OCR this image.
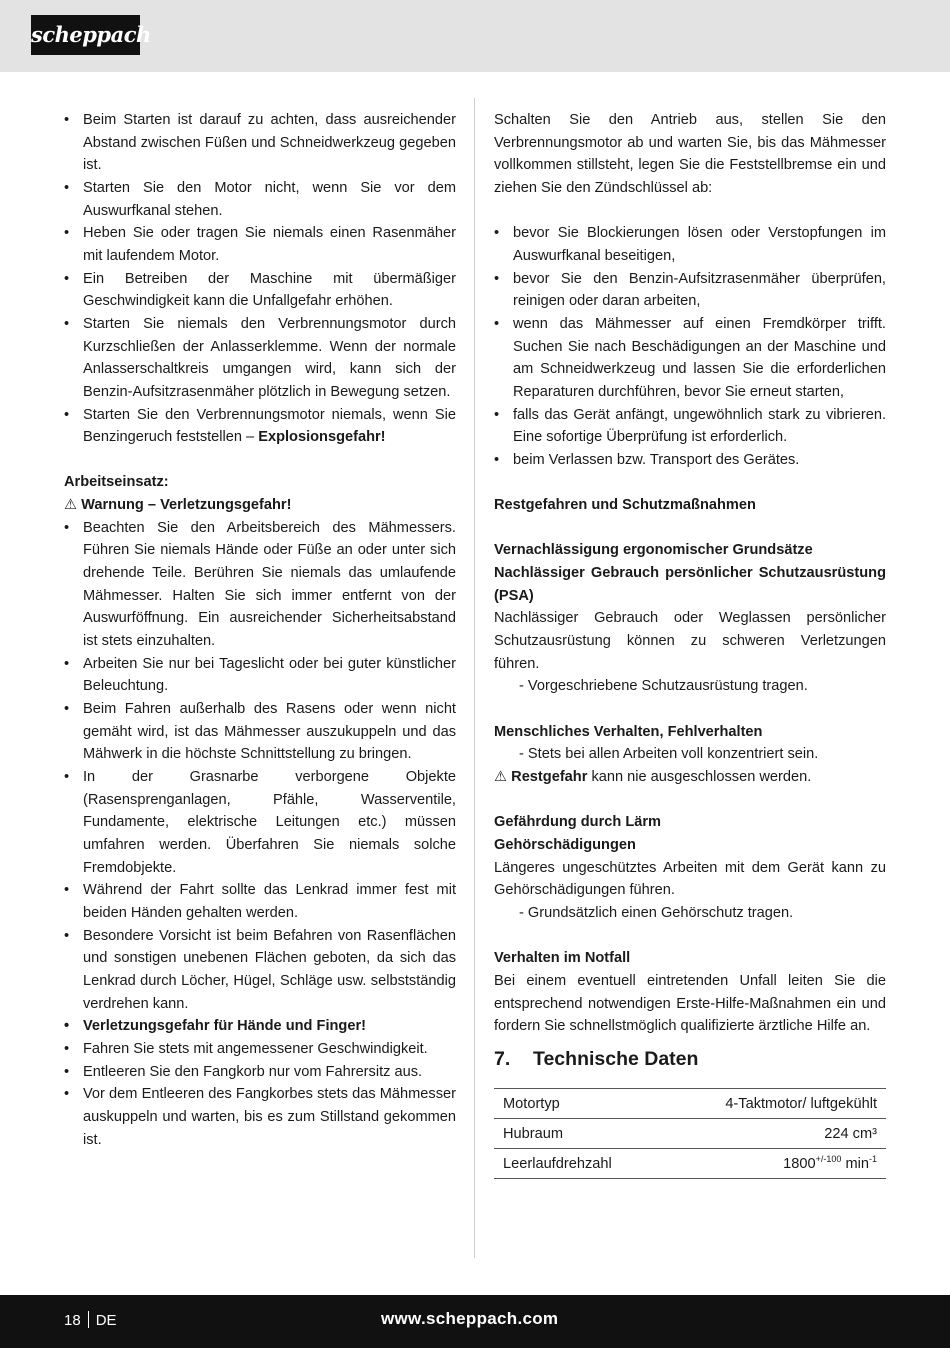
scheppach
• Beim Starten ist darauf zu achten, dass ausreichender Abstand zwischen Füßen und Schneidwerkzeug gegeben ist.
• Starten Sie den Motor nicht, wenn Sie vor dem Auswurfkanal stehen.
• Heben Sie oder tragen Sie niemals einen Rasenmäher mit laufendem Motor.
• Ein Betreiben der Maschine mit übermäßiger Geschwindigkeit kann die Unfallgefahr erhöhen.
• Starten Sie niemals den Verbrennungsmotor durch Kurzschließen der Anlasserklemme. Wenn der normale Anlasserschaltkreis umgangen wird, kann sich der Benzin-Aufsitzrasenmäher plötzlich in Bewegung setzen.
• Starten Sie den Verbrennungsmotor niemals, wenn Sie Benzingeruch feststellen – Explosionsgefahr!
Arbeitseinsatz:
⚠ Warnung – Verletzungsgefahr!
• Beachten Sie den Arbeitsbereich des Mähmessers. Führen Sie niemals Hände oder Füße an oder unter sich drehende Teile. Berühren Sie niemals das umlaufende Mähmesser. Halten Sie sich immer entfernt von der Auswurföffnung. Ein ausreichender Sicherheitsabstand ist stets einzuhalten.
• Arbeiten Sie nur bei Tageslicht oder bei guter künstlicher Beleuchtung.
• Beim Fahren außerhalb des Rasens oder wenn nicht gemäht wird, ist das Mähmesser auszukuppeln und das Mähwerk in die höchste Schnittstellung zu bringen.
• In der Grasnarbe verborgene Objekte (Rasensprenganlagen, Pfähle, Wasserventile, Fundamente, elektrische Leitungen etc.) müssen umfahren werden. Überfahren Sie niemals solche Fremdobjekte.
• Während der Fahrt sollte das Lenkrad immer fest mit beiden Händen gehalten werden.
• Besondere Vorsicht ist beim Befahren von Rasenflächen und sonstigen unebenen Flächen geboten, da sich das Lenkrad durch Löcher, Hügel, Schläge usw. selbstständig verdrehen kann.
• Verletzungsgefahr für Hände und Finger!
• Fahren Sie stets mit angemessener Geschwindigkeit.
• Entleeren Sie den Fangkorb nur vom Fahrersitz aus.
• Vor dem Entleeren des Fangkorbes stets das Mähmesser auskuppeln und warten, bis es zum Stillstand gekommen ist.
Schalten Sie den Antrieb aus, stellen Sie den Verbrennungsmotor ab und warten Sie, bis das Mähmesser vollkommen stillsteht, legen Sie die Feststellbremse ein und ziehen Sie den Zündschlüssel ab:
• bevor Sie Blockierungen lösen oder Verstopfungen im Auswurfkanal beseitigen,
• bevor Sie den Benzin-Aufsitzrasenmäher überprüfen, reinigen oder daran arbeiten,
• wenn das Mähmesser auf einen Fremdkörper trifft. Suchen Sie nach Beschädigungen an der Maschine und am Schneidwerkzeug und lassen Sie die erforderlichen Reparaturen durchführen, bevor Sie erneut starten,
• falls das Gerät anfängt, ungewöhnlich stark zu vibrieren. Eine sofortige Überprüfung ist erforderlich.
• beim Verlassen bzw. Transport des Gerätes.
Restgefahren und Schutzmaßnahmen
Vernachlässigung ergonomischer Grundsätze
Nachlässiger Gebrauch persönlicher Schutzausrüstung (PSA)
Nachlässiger Gebrauch oder Weglassen persönlicher Schutzausrüstung können zu schweren Verletzungen führen.
- Vorgeschriebene Schutzausrüstung tragen.
Menschliches Verhalten, Fehlverhalten
- Stets bei allen Arbeiten voll konzentriert sein.
⚠ Restgefahr kann nie ausgeschlossen werden.
Gefährdung durch Lärm
Gehörschädigungen
Längeres ungeschütztes Arbeiten mit dem Gerät kann zu Gehörschädigungen führen.
- Grundsätzlich einen Gehörschutz tragen.
Verhalten im Notfall
Bei einem eventuell eintretenden Unfall leiten Sie die entsprechend notwendigen Erste-Hilfe-Maßnahmen ein und fordern Sie schnellstmöglich qualifizierte ärztliche Hilfe an.
7.	Technische Daten
Motortyp	4-Taktmotor/ luftgekühlt
Hubraum	224 cm³
Leerlaufdrehzahl	$1800^{+/-100}$ $\min^{-1}$
18 DE	www.scheppach.com
